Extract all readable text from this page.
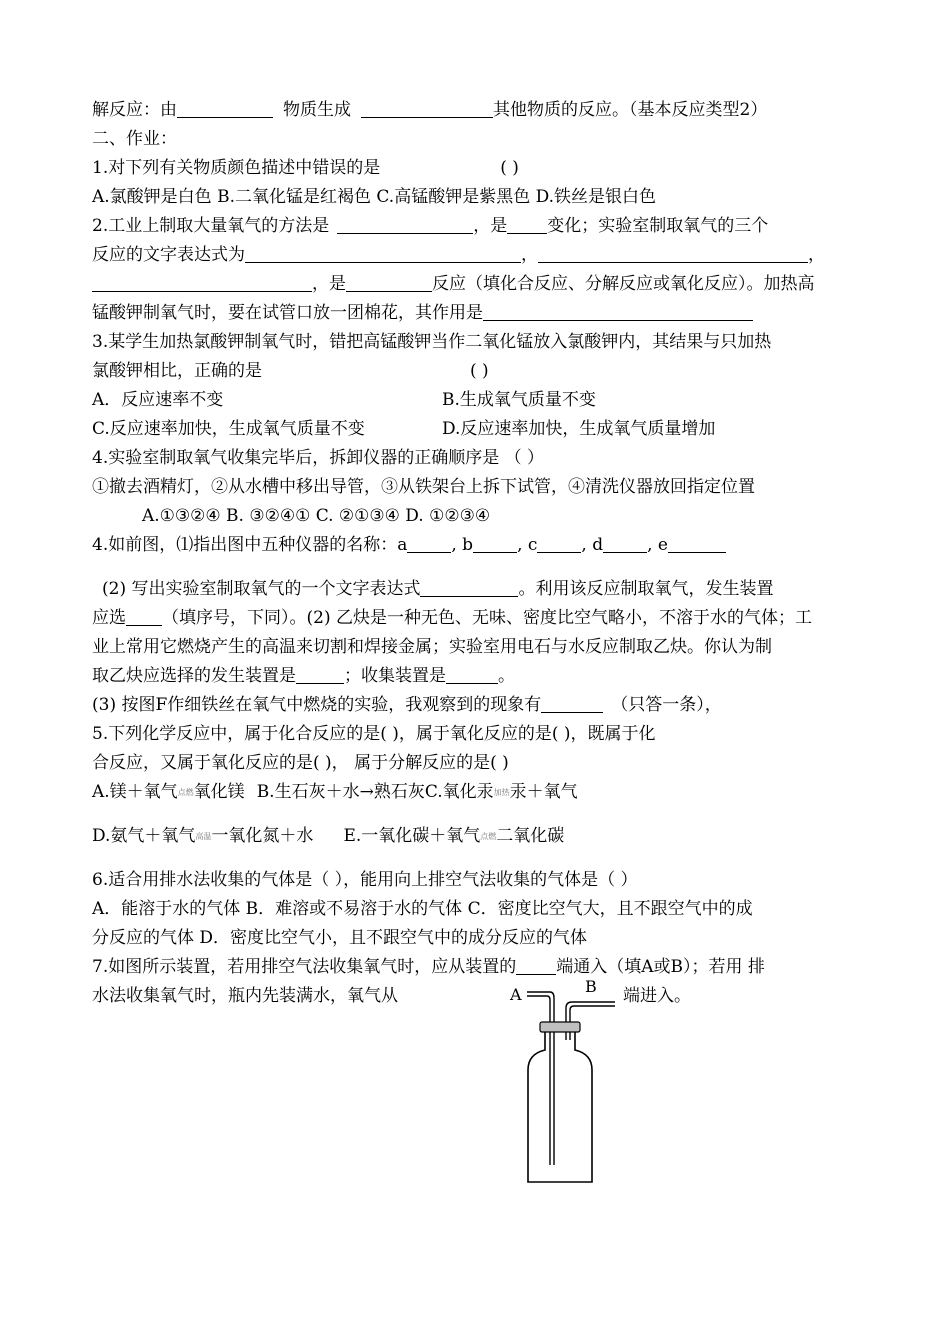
解反应：由	物质生成	其他物质的反应。（基本反应类型2）
二、作业：
1.对下列有关物质颜色描述中错误的是	( )
A.氯酸钾是白色 B.二氧化锰是红褐色 C.高锰酸钾是紫黑色 D.铁丝是银白色
2.工业上制取大量氧气的方法是	，是 变化；实验室制取氧气的三个
反应的文字表达式为	，	，
，是	反应（填化合反应、分解反应或氧化反应）。加热高
锰酸钾制氧气时，要在试管口放一团棉花，其作用是
3.某学生加热氯酸钾制氧气时，错把高锰酸钾当作二氧化锰放入氯酸钾内，其结果与只加热
氯酸钾相比，正确的是	( )
A．反应速率不变	B.生成氧气质量不变
C.反应速率加快，生成氧气质量不变	D.反应速率加快，生成氧气质量增加
4.实验室制取氧气收集完毕后，拆卸仪器的正确顺序是 （ ）
①撤去酒精灯，②从水槽中移出导管，③从铁架台上拆下试管，④清洗仪器放回指定位置
A.①③②④ B. ③②④① C. ②①③④ D. ①②③④
4.如前图，⑴指出图中五种仪器的名称：a	, b	, c	, d	, e
(2) 写出实验室制取氧气的一个文字表达式	。利用该反应制取氧气，发生装置
应选 （填序号，下同）。(2) 乙炔是一种无色、无味、密度比空气略小，不溶于水的气体；工
业上常用它燃烧产生的高温来切割和焊接金属；实验室用电石与水反应制取乙炔。你认为制
取乙炔应选择的发生装置是	；收集装置是	。
(3) 按图F作细铁丝在氧气中燃烧的实验，我观察到的现象有	（只答一条），
5.下列化学反应中，属于化合反应的是( )，属于氧化反应的是( )，既属于化
合反应，又属于氧化反应的是( )， 属于分解反应的是( )
A.镁＋氧气点燃氧化镁 B.生石灰＋水→熟石灰C.氧化汞加热汞＋氧气
D.氨气＋氧气高温一氧化氮＋水 E.一氧化碳＋氧气点燃二氧化碳
6.适合用排水法收集的气体是（ ），能用向上排空气法收集的气体是（ ）
A．能溶于水的气体 B．难溶或不易溶于水的气体 C．密度比空气大，且不跟空气中的成
分反应的气体 D．密度比空气小，且不跟空气中的成分反应的气体
7.如图所示装置，若用排空气法收集氧气时，应从装置的 端通入（填A或B）；若用 排
水法收集氧气时，瓶内先装满水，氧气从	端进入。
A	B
